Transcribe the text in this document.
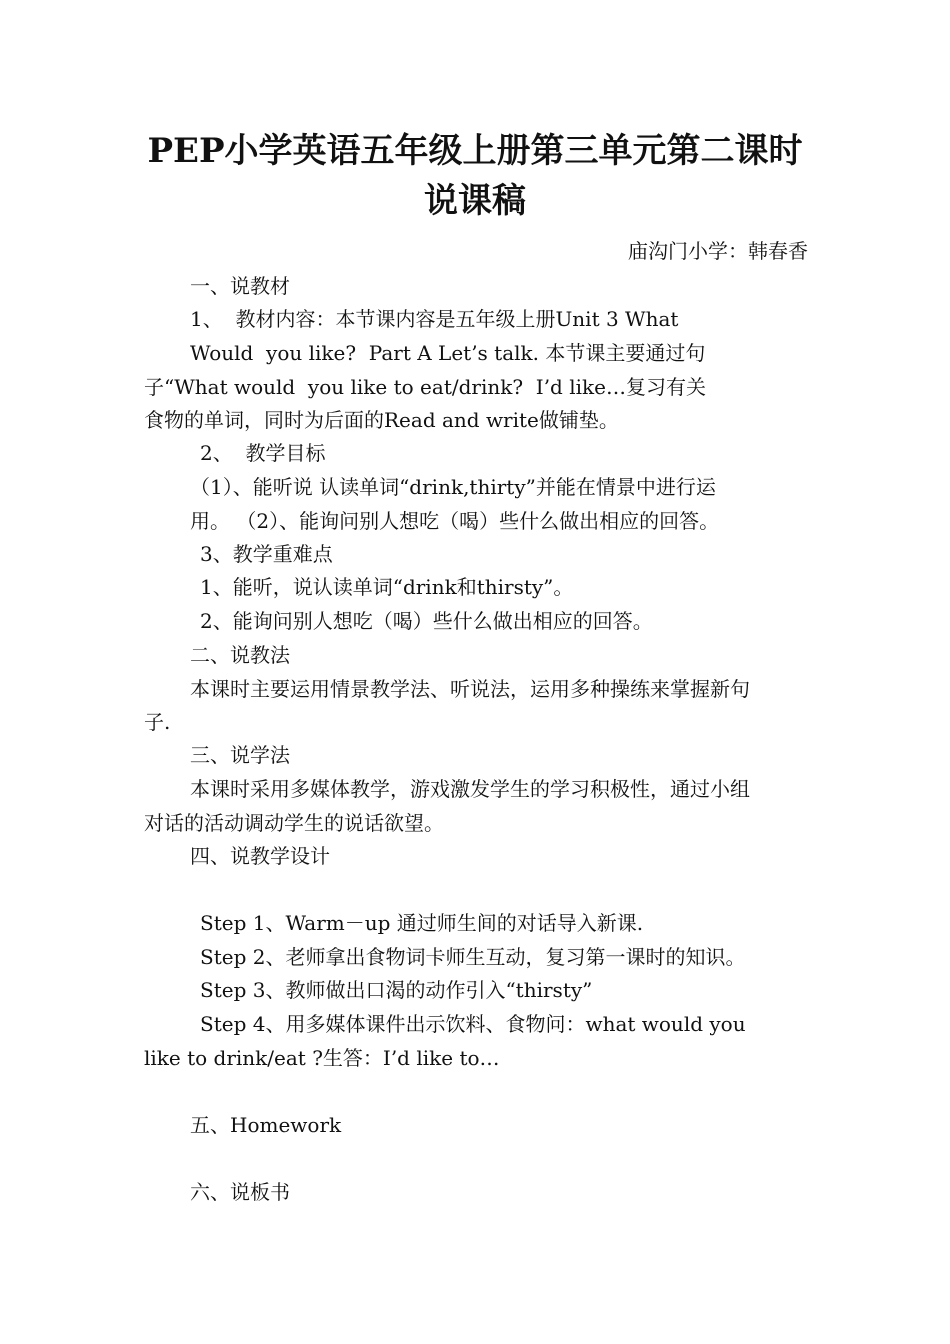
PEP小学英语五年级上册第三单元第二课时
说课稿
庙沟门小学：韩春香
一、说教材
1、  教材内容：本节课内容是五年级上册Unit 3 What
Would  you like?  Part A Let’s talk. 本节课主要通过句
子“What would  you like to eat/drink?  I’d like…复习有关
食物的单词，同时为后面的Read and write做铺垫。
2、  教学目标
（1）、能听说 认读单词“drink,thirty”并能在情景中进行运
用。 （2）、能询问别人想吃（喝）些什么做出相应的回答。
3、教学重难点
1、能听，说认读单词“drink和thirsty”。
2、能询问别人想吃（喝）些什么做出相应的回答。
二、说教法
本课时主要运用情景教学法、听说法，运用多种操练来掌握新句
子.
三、说学法
本课时采用多媒体教学，游戏激发学生的学习积极性，通过小组
对话的活动调动学生的说话欲望。
四、说教学设计
Step 1、Warm－up 通过师生间的对话导入新课.
Step 2、老师拿出食物词卡师生互动，复习第一课时的知识。
Step 3、教师做出口渴的动作引入“thirsty”
Step 4、用多媒体课件出示饮料、食物问：what would you
like to drink/eat ?生答：I’d like to…
五、Homework
六、说板书
